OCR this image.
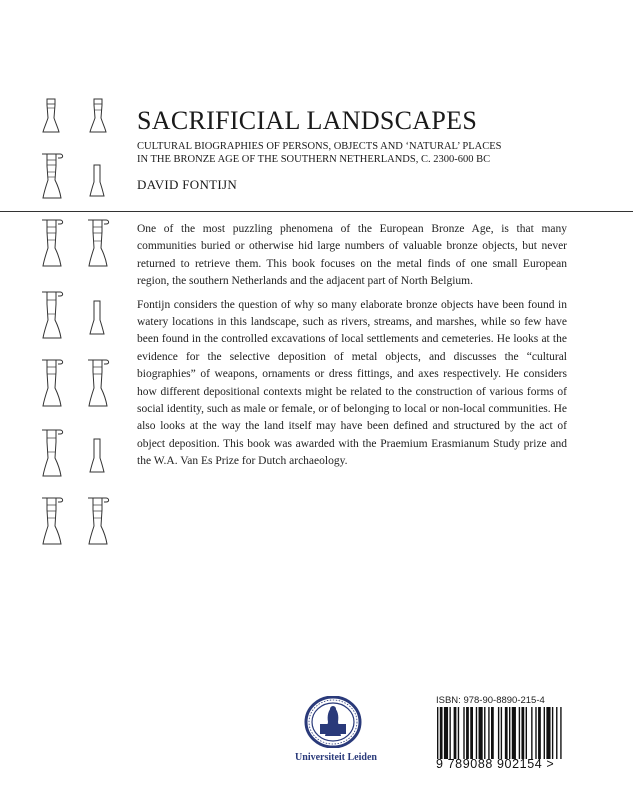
SACRIFICIAL LANDSCAPES
CULTURAL BIOGRAPHIES OF PERSONS, OBJECTS AND ‘NATURAL’ PLACES
IN THE BRONZE AGE OF THE SOUTHERN NETHERLANDS, C. 2300-600 BC
DAVID FONTIJN

One of the most puzzling phenomena of the European Bronze Age, is that many communities buried or otherwise hid large numbers of valuable bronze objects, but never returned to retrieve them. This book focuses on the metal finds of one small European region, the southern Netherlands and the adjacent part of North Belgium.

Fontijn considers the question of why so many elaborate bronze objects have been found in watery locations in this landscape, such as rivers, streams, and marshes, while so few have been found in the controlled excavations of local settlements and cemeteries. He looks at the evidence for the selective deposition of metal objects, and discusses the “cultural biographies” of weapons, ornaments or dress fittings, and axes respectively. He considers how different depositional contexts might be related to the construction of various forms of social identity, such as male or female, or of belonging to local or non-local communities. He also looks at the way the land itself may have been defined and structured by the act of object deposition. This book was awarded with the Praemium Erasmianum Study prize and the W.A. Van Es Prize for Dutch archaeology.

Universiteit Leiden
ISBN: 978-90-8890-215-4
9 789088 902154 >
